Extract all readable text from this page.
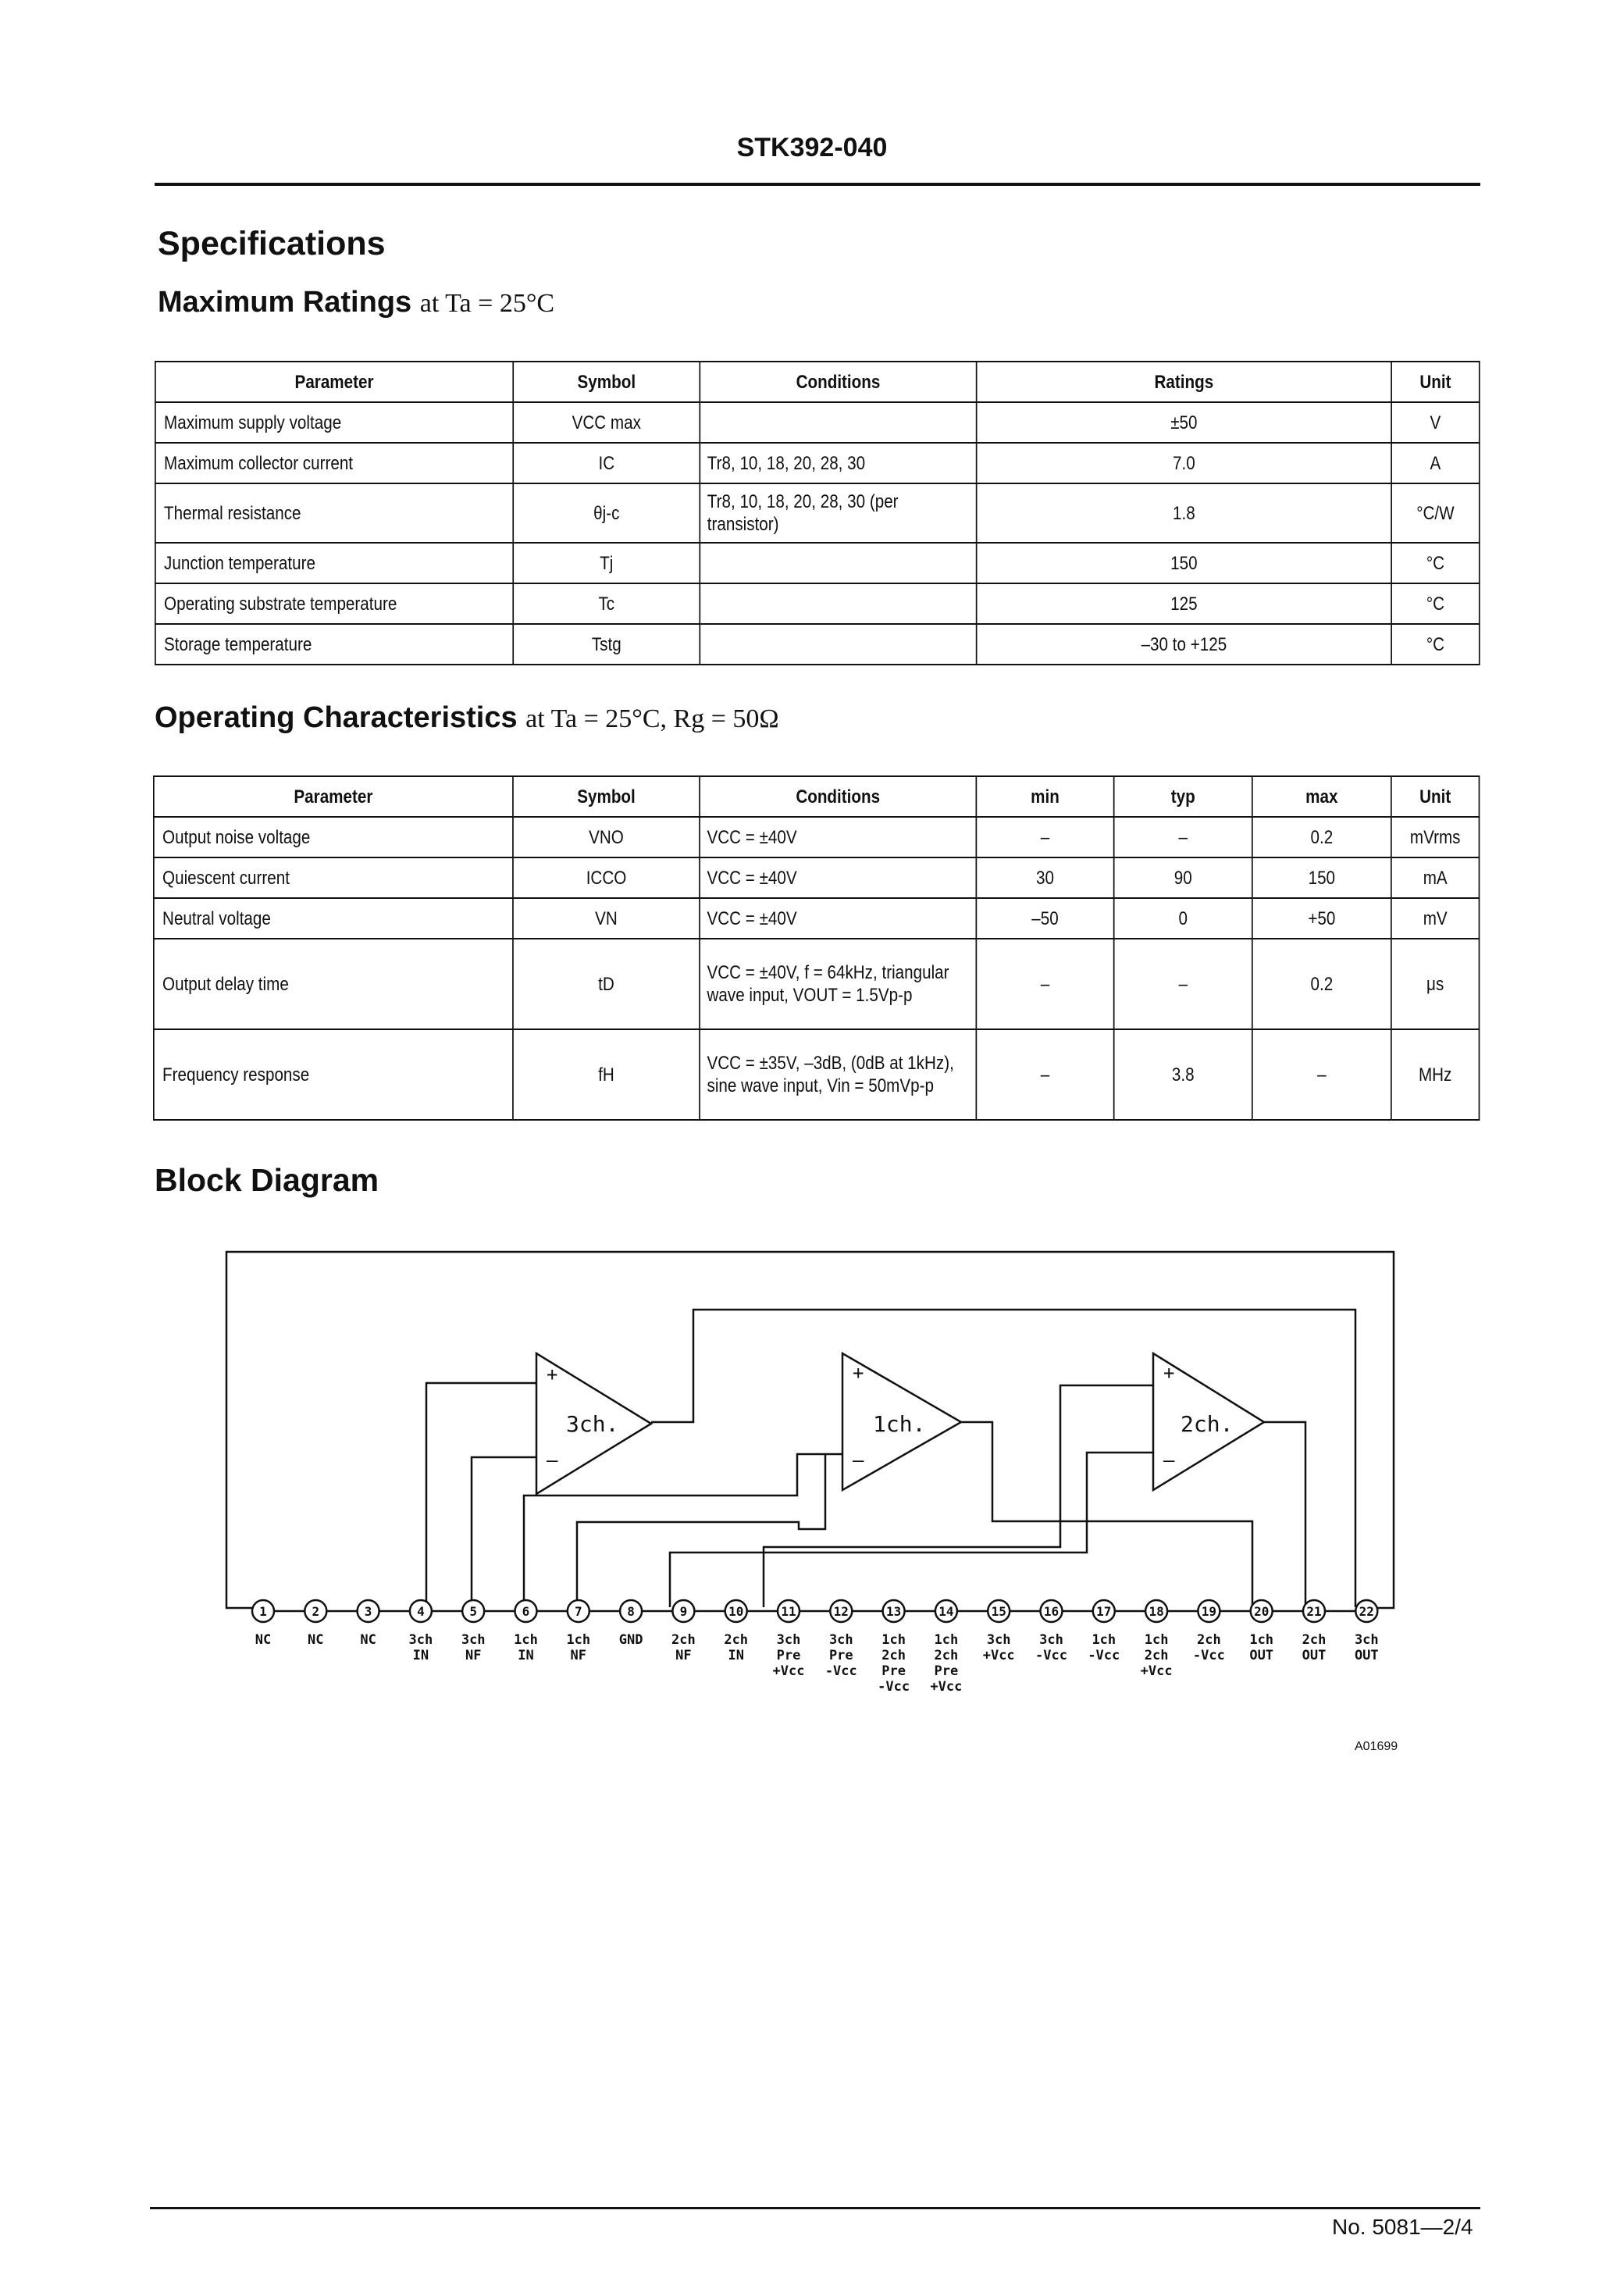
STK392-040
Specifications
Maximum Ratings at Ta = 25°C
Parameter	Symbol	Conditions	Ratings	Unit
Maximum supply voltage	VCC max		±50	V
Maximum collector current	IC	Tr8, 10, 18, 20, 28, 30	7.0	A
Thermal resistance	θj-c	Tr8, 10, 18, 20, 28, 30 (per transistor)	1.8	°C/W
Junction temperature	Tj		150	°C
Operating substrate temperature	Tc		125	°C
Storage temperature	Tstg		–30 to +125	°C
Operating Characteristics at Ta = 25°C, Rg = 50Ω
Parameter	Symbol	Conditions	min	typ	max	Unit
Output noise voltage	VNO	VCC = ±40V	–	–	0.2	mVrms
Quiescent current	ICCO	VCC = ±40V	30	90	150	mA
Neutral voltage	VN	VCC = ±40V	–50	0	+50	mV
Output delay time	tD	VCC = ±40V, f = 64kHz, triangular wave input, VOUT = 1.5Vp-p	–	–	0.2	μs
Frequency response	fH	VCC = ±35V, –3dB, (0dB at 1kHz), sine wave input, Vin = 50mVp-p	–	3.8	–	MHz
Block Diagram
+
–
3ch.
+
–
1ch.
+
–
2ch.
1
NC
2
NC
3
NC
4
3ch
IN
5
3ch
NF
6
1ch
IN
7
1ch
NF
8
GND
9
2ch
NF
10
2ch
IN
11
3ch
Pre
+Vcc
12
3ch
Pre
-Vcc
13
1ch
2ch
Pre
-Vcc
14
1ch
2ch
Pre
+Vcc
15
3ch
+Vcc
16
3ch
-Vcc
17
1ch
-Vcc
18
1ch
2ch
+Vcc
19
2ch
-Vcc
20
1ch
OUT
21
2ch
OUT
22
3ch
OUT
A01699
No. 5081—2/4
